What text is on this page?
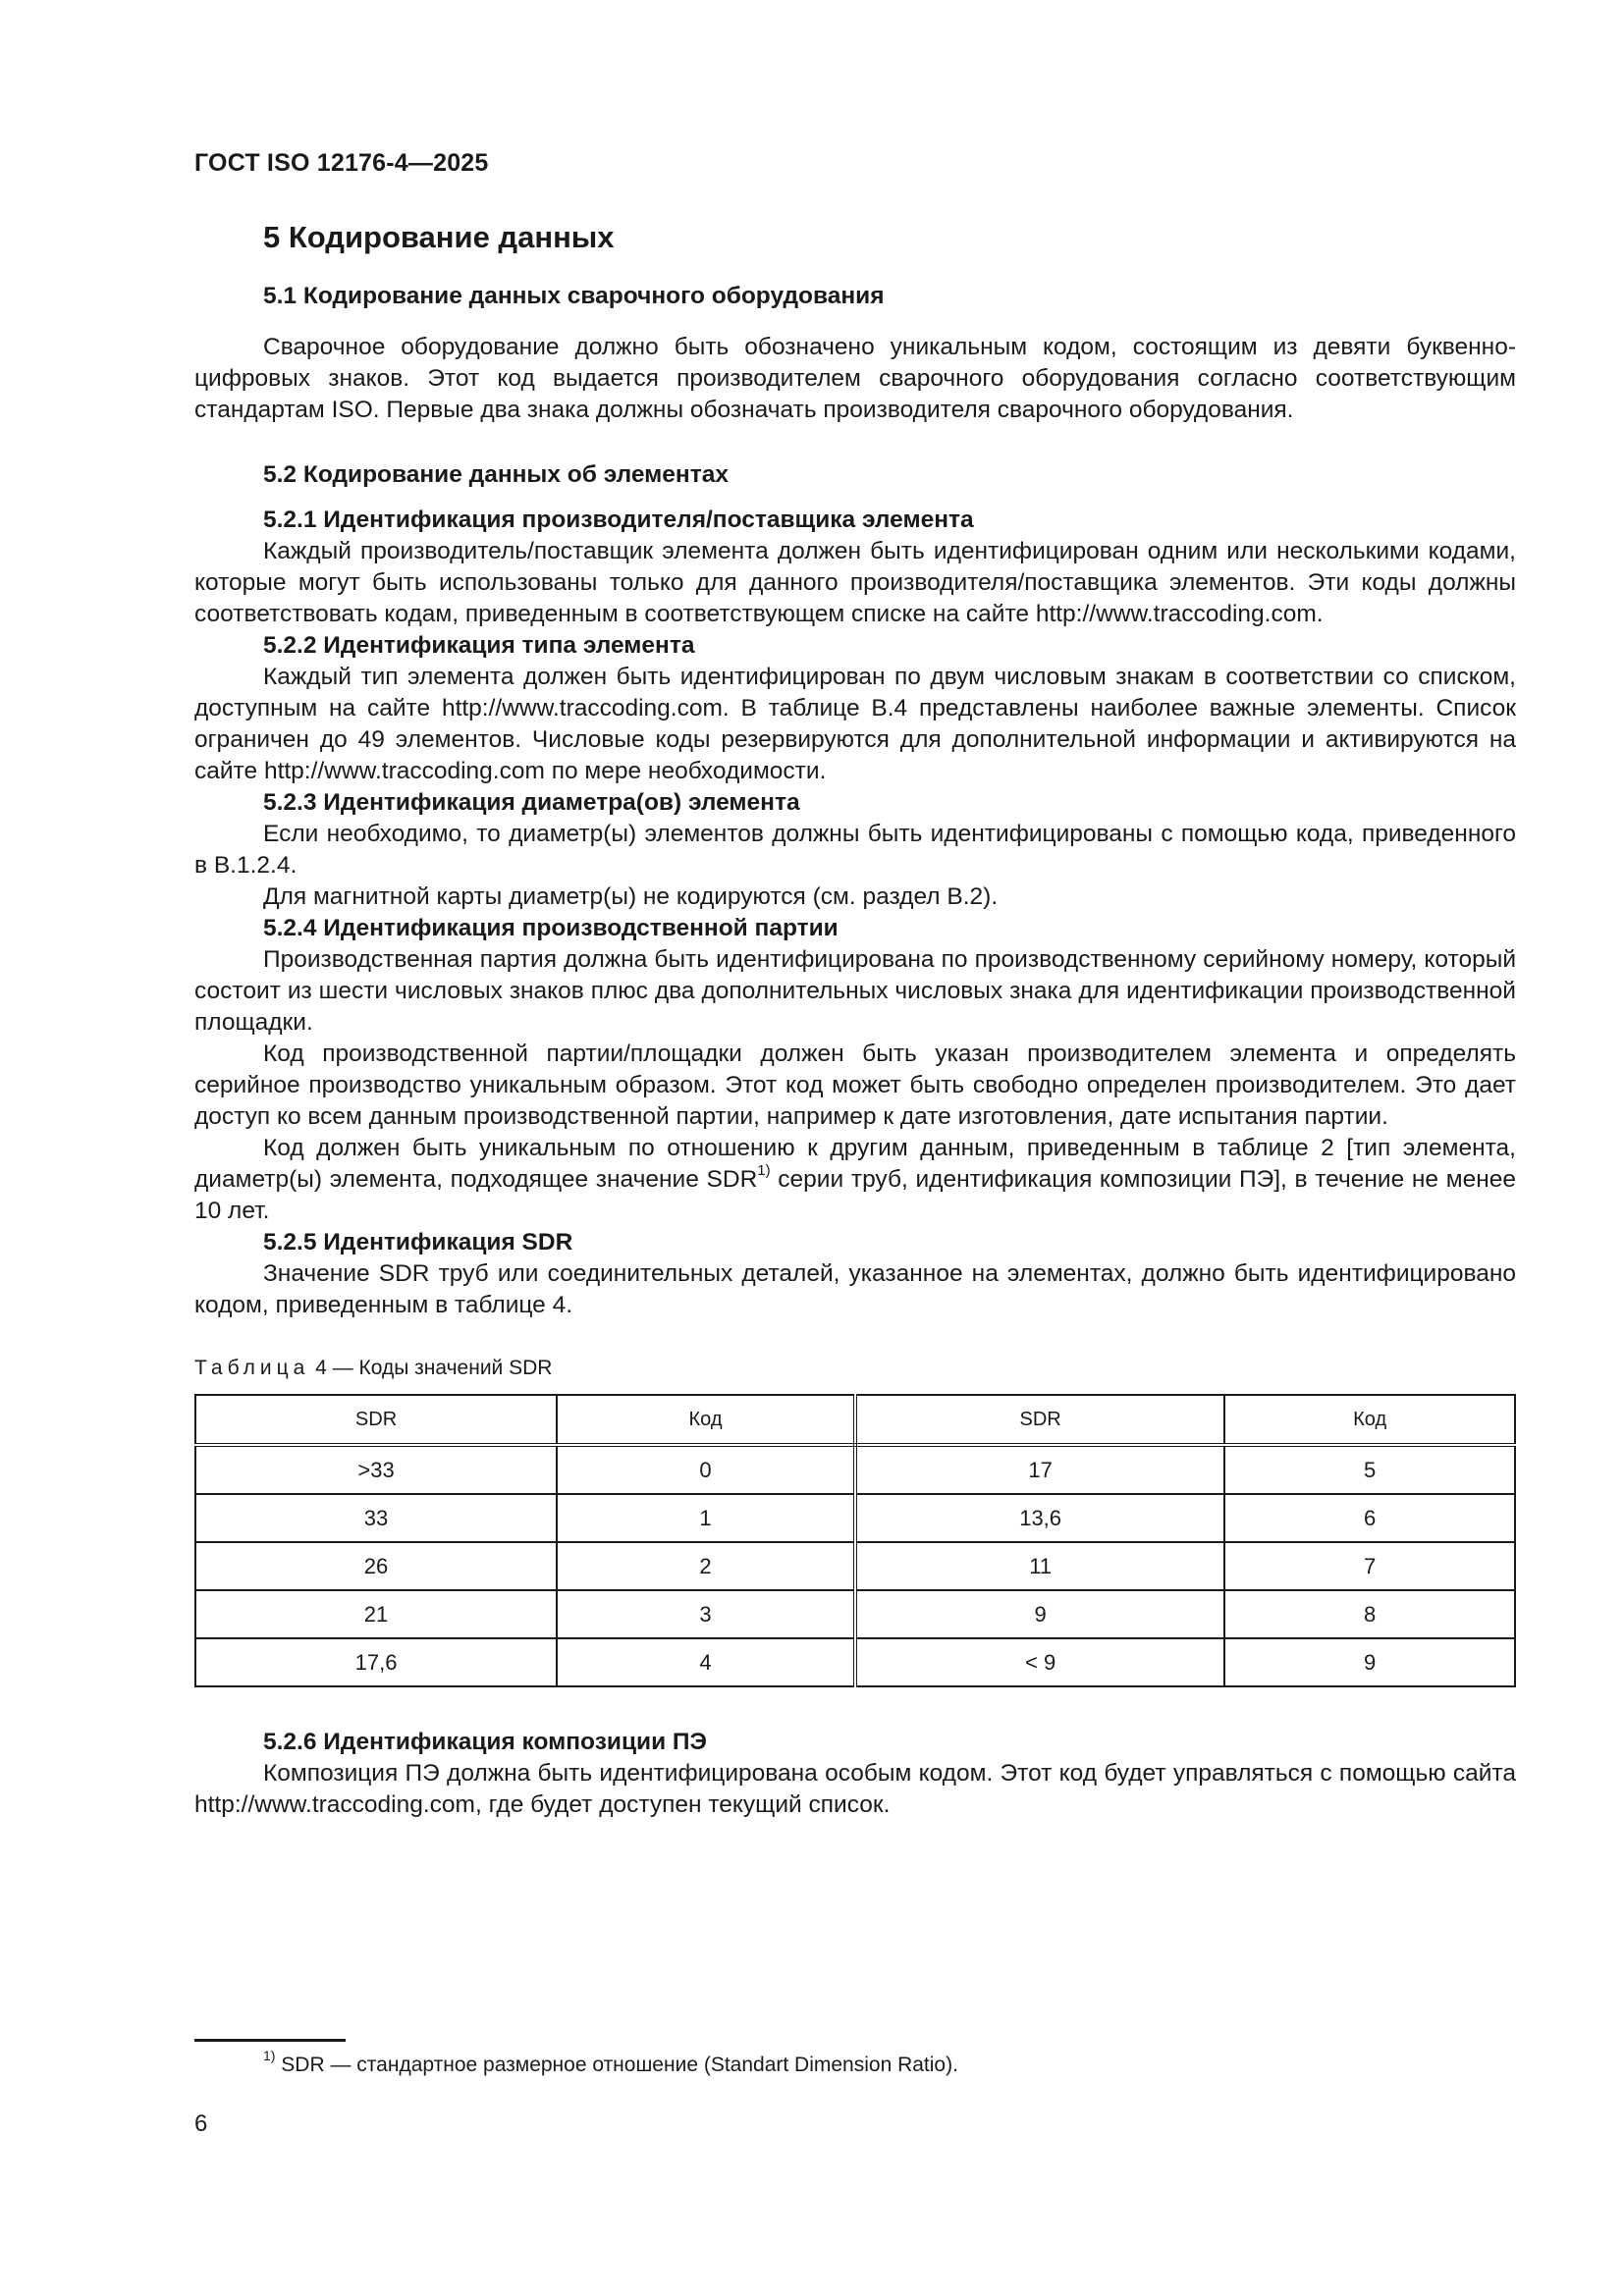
ГОСТ ISO 12176-4—2025
5 Кодирование данных
5.1 Кодирование данных сварочного оборудования

Сварочное оборудование должно быть обозначено уникальным кодом, состоящим из девяти буквенно-цифровых знаков. Этот код выдается производителем сварочного оборудования согласно соответствующим стандартам ISO. Первые два знака должны обозначать производителя сварочного оборудования.

5.2 Кодирование данных об элементах
5.2.1 Идентификация производителя/поставщика элемента

Каждый производитель/поставщик элемента должен быть идентифицирован одним или несколькими кодами, которые могут быть использованы только для данного производителя/поставщика элементов. Эти коды должны соответствовать кодам, приведенным в соответствующем списке на сайте http://www.traccoding.com.

5.2.2 Идентификация типа элемента

Каждый тип элемента должен быть идентифицирован по двум числовым знакам в соответствии со списком, доступным на сайте http://www.traccoding.com. В таблице B.4 представлены наиболее важные элементы. Список ограничен до 49 элементов. Числовые коды резервируются для дополнительной информации и активируются на сайте http://www.traccoding.com по мере необходимости.

5.2.3 Идентификация диаметра(ов) элемента

Если необходимо, то диаметр(ы) элементов должны быть идентифицированы с помощью кода, приведенного в B.1.2.4.

Для магнитной карты диаметр(ы) не кодируются (см. раздел B.2).

5.2.4 Идентификация производственной партии

Производственная партия должна быть идентифицирована по производственному серийному номеру, который состоит из шести числовых знаков плюс два дополнительных числовых знака для идентификации производственной площадки.

Код производственной партии/площадки должен быть указан производителем элемента и определять серийное производство уникальным образом. Этот код может быть свободно определен производителем. Это дает доступ ко всем данным производственной партии, например к дате изготовления, дате испытания партии.

Код должен быть уникальным по отношению к другим данным, приведенным в таблице 2 [тип элемента, диаметр(ы) элемента, подходящее значение SDR$^{1)}$ серии труб, идентификация композиции ПЭ], в течение не менее 10 лет.

5.2.5 Идентификация SDR

Значение SDR труб или соединительных деталей, указанное на элементах, должно быть идентифицировано кодом, приведенным в таблице 4.

Таблица 4 — Коды значений SDR
SDR	Код	SDR	Код
>33	0	17	5
33	1	13,6	6
26	2	11	7
21	3	9	8
17,6	4	< 9	9
5.2.6 Идентификация композиции ПЭ

Композиция ПЭ должна быть идентифицирована особым кодом. Этот код будет управляться с помощью сайта http://www.traccoding.com, где будет доступен текущий список.

$^{1)}$ SDR — стандартное размерное отношение (Standart Dimension Ratio).
6
